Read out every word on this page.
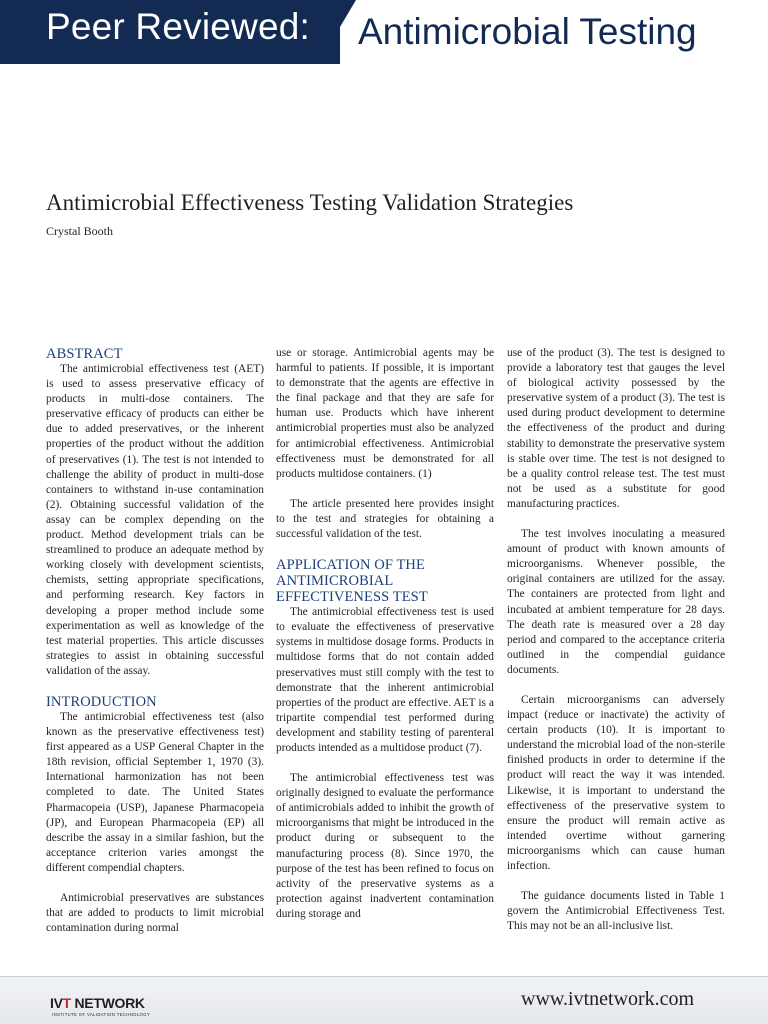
Peer Reviewed: Antimicrobial Testing
Antimicrobial Effectiveness Testing Validation Strategies
Crystal Booth
ABSTRACT

The antimicrobial effectiveness test (AET) is used to assess preservative efficacy of products in multi-dose containers. The preservative efficacy of products can either be due to added preservatives, or the inherent properties of the product without the addition of preservatives (1). The test is not intended to challenge the ability of product in multi-dose containers to withstand in-use contamination (2). Obtaining successful validation of the assay can be complex depending on the product. Method development trials can be streamlined to produce an adequate method by working closely with development scientists, chemists, setting appropriate specifications, and performing research. Key factors in developing a proper method include some experimentation as well as knowledge of the test material properties. This article discusses strategies to assist in obtaining successful validation of the assay.

INTRODUCTION

The antimicrobial effectiveness test (also known as the preservative effectiveness test) first appeared as a USP General Chapter in the 18th revision, official September 1, 1970 (3). International harmonization has not been completed to date. The United States Pharmacopeia (USP), Japanese Pharmacopeia (JP), and European Pharmacopeia (EP) all describe the assay in a similar fashion, but the acceptance criterion varies amongst the different compendial chapters.

Antimicrobial preservatives are substances that are added to products to limit microbial contamination during normal

use or storage. Antimicrobial agents may be harmful to patients. If possible, it is important to demonstrate that the agents are effective in the final package and that they are safe for human use. Products which have inherent antimicrobial properties must also be analyzed for antimicrobial effectiveness. Antimicrobial effectiveness must be demonstrated for all products multidose containers. (1)

The article presented here provides insight to the test and strategies for obtaining a successful validation of the test.

APPLICATION OF THE ANTIMICROBIAL EFFECTIVENESS TEST

The antimicrobial effectiveness test is used to evaluate the effectiveness of preservative systems in multidose dosage forms. Products in multidose forms that do not contain added preservatives must still comply with the test to demonstrate that the inherent antimicrobial properties of the product are effective. AET is a tripartite compendial test performed during development and stability testing of parenteral products intended as a multidose product (7).

The antimicrobial effectiveness test was originally designed to evaluate the performance of antimicrobials added to inhibit the growth of microorganisms that might be introduced in the product during or subsequent to the manufacturing process (8). Since 1970, the purpose of the test has been refined to focus on activity of the preservative systems as a protection against inadvertent contamination during storage and

use of the product (3). The test is designed to provide a laboratory test that gauges the level of biological activity possessed by the preservative system of a product (3). The test is used during product development to determine the effectiveness of the product and during stability to demonstrate the preservative system is stable over time. The test is not designed to be a quality control release test. The test must not be used as a substitute for good manufacturing practices.

The test involves inoculating a measured amount of product with known amounts of microorganisms. Whenever possible, the original containers are utilized for the assay. The containers are protected from light and incubated at ambient temperature for 28 days. The death rate is measured over a 28 day period and compared to the acceptance criteria outlined in the compendial guidance documents.

Certain microorganisms can adversely impact (reduce or inactivate) the activity of certain products (10). It is important to understand the microbial load of the non-sterile finished products in order to determine if the product will react the way it was intended. Likewise, it is important to understand the effectiveness of the preservative system to ensure the product will remain active as intended overtime without garnering microorganisms which can cause human infection.

The guidance documents listed in Table 1 govern the Antimicrobial Effectiveness Test. This may not be an all-inclusive list.

IVT NETWORK
INSTITUTE OF VALIDATION TECHNOLOGY
www.ivtnetwork.com
